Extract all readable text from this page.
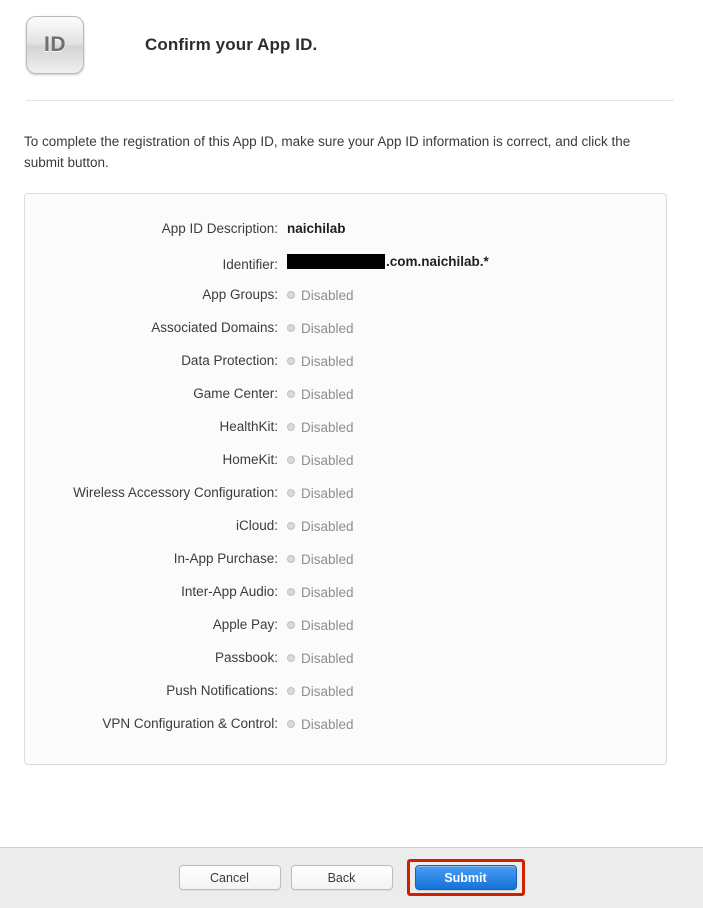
ID	Confirm your App ID.
To complete the registration of this App ID, make sure your App ID information is correct, and click the submit button.
App ID Description: naichilab
Identifier:	.com.naichilab.*
App Groups:	Disabled
Associated Domains:	Disabled
Data Protection:	Disabled
Game Center:	Disabled
HealthKit:	Disabled
HomeKit:	Disabled
Wireless Accessory Configuration:	Disabled
iCloud:	Disabled
In-App Purchase:	Disabled
Inter-App Audio:	Disabled
Apple Pay:	Disabled
Passbook:	Disabled
Push Notifications:	Disabled
VPN Configuration & Control:	Disabled
Cancel	Back	Submit
